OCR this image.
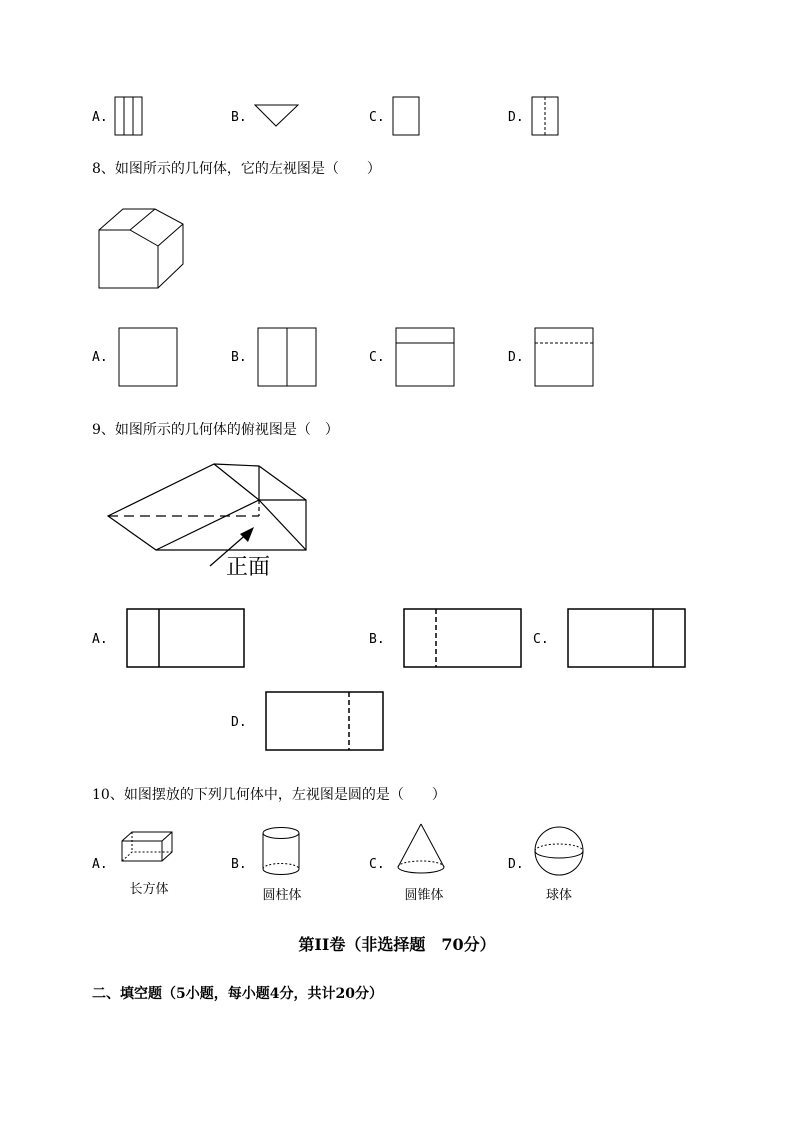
A.	B.	C.	D.
8、如图所示的几何体，它的左视图是（　　）
A.	B.	C.	D.
9、如图所示的几何体的俯视图是（　）
正面
A.	B.	C.
D.
10、如图摆放的下列几何体中，左视图是圆的是（　　）
A.
长方体
B.
圆柱体
C.
圆锥体
D.
球体
第II卷（非选择题　70分）
二、填空题（5小题，每小题4分，共计20分）
